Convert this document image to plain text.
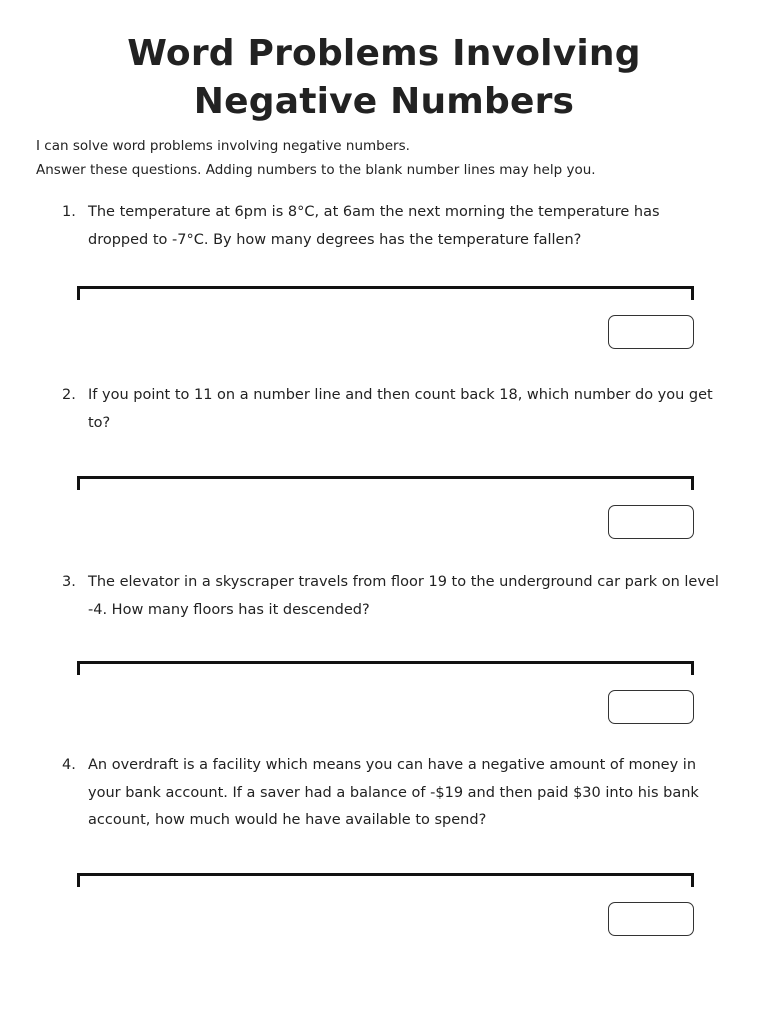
Word Problems Involving
Negative Numbers
I can solve word problems involving negative numbers.
Answer these questions. Adding numbers to the blank number lines may help you.
1. The temperature at 6pm is 8°C, at 6am the next morning the temperature has dropped to -7°C. By how many degrees has the temperature fallen?
2. If you point to 11 on a number line and then count back 18, which number do you get to?
3. The elevator in a skyscraper travels from floor 19 to the underground car park on level -4. How many floors has it descended?
4. An overdraft is a facility which means you can have a negative amount of money in your bank account. If a saver had a balance of -$19 and then paid $30 into his bank account, how much would he have available to spend?
